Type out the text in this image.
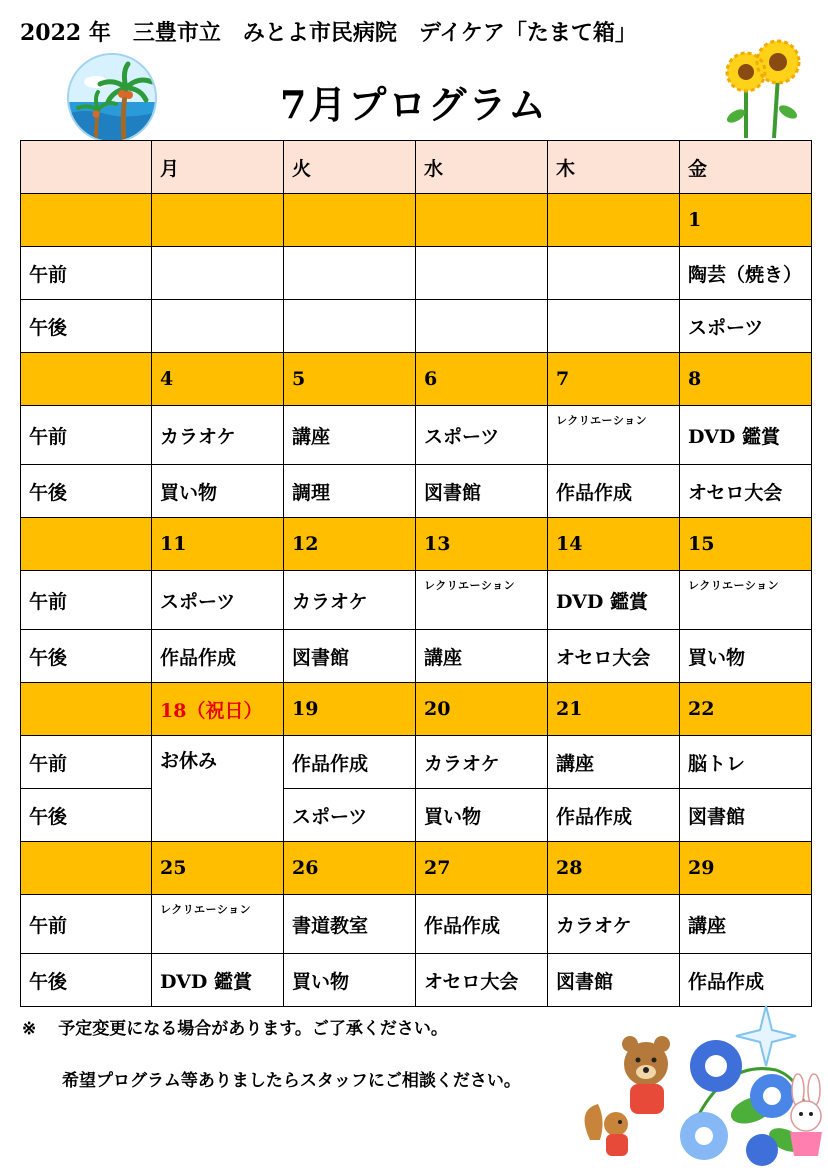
2022 年　三豊市立　みとよ市民病院　デイケア「たまて箱」
7月プログラム
	月	火	水	木	金
					1
午前					陶芸（焼き）
午後					スポーツ
	4	5	6	7	8
午前	カラオケ	講座	スポーツ	レクリエーション	DVD 鑑賞
午後	買い物	調理	図書館	作品作成	オセロ大会
	11	12	13	14	15
午前	スポーツ	カラオケ	レクリエーション	DVD 鑑賞	レクリエーション
午後	作品作成	図書館	講座	オセロ大会	買い物
	18（祝日）	19	20	21	22
午前	お休み	作品作成	カラオケ	講座	脳トレ
午後		スポーツ	買い物	作品作成	図書館
	25	26	27	28	29
午前	レクリエーション	書道教室	作品作成	カラオケ	講座
午後	DVD 鑑賞	買い物	オセロ大会	図書館	作品作成
※ 予定変更になる場合があります。ご了承ください。
希望プログラム等ありましたらスタッフにご相談ください。
